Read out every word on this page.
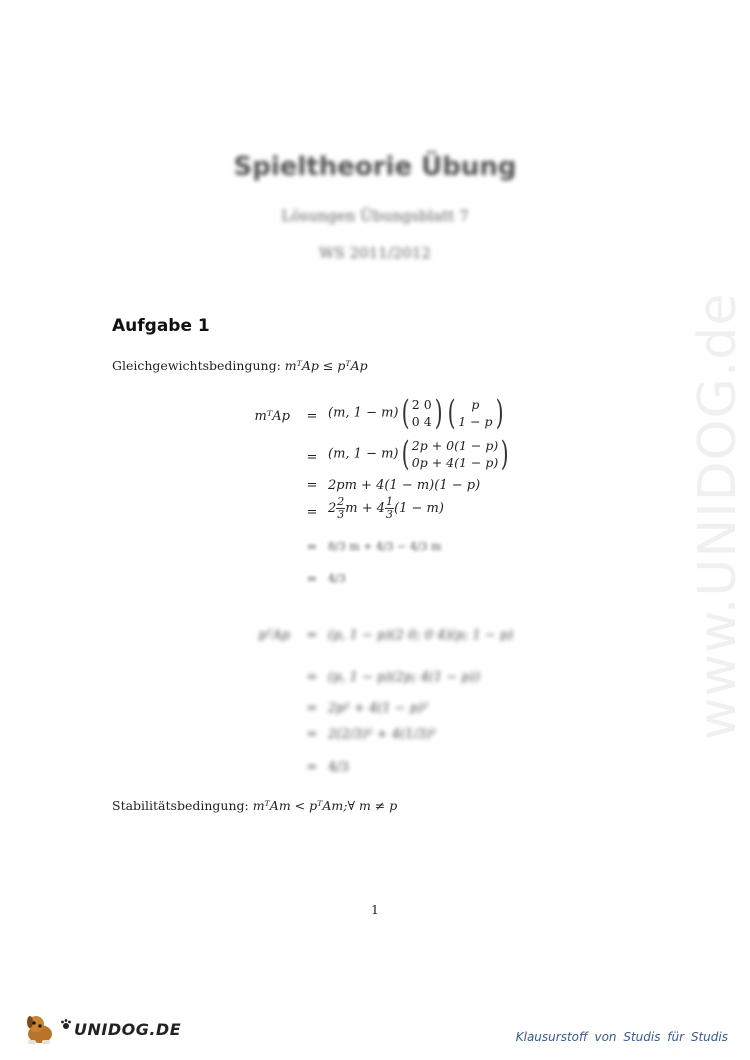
www.UNIDOG.de
Spieltheorie Übung
Lösungen Übungsblatt 7
WS 2011/2012
Aufgabe 1
Gleichgewichtsbedingung: mᵀAp ≤ pᵀAp
mᵀAp	= (m, 1 − m)( 2 0
0 4 ) (	p
1 − p )
= (m, 1 − m)( 2p + 0(1 − p)
0p + 4(1 − p) )
= 2pm + 4(1 − m)(1 − p)
= $2 \frac{2}{3}$ $m + 4 \frac{1}{3} (1 - m)$
= 8/3 m + 4/3 − 4/3 m
= 4/3
pᵀAp	= (p, 1 − p)(2 0; 0 4)(p; 1 − p)
= (p, 1 − p)(2p; 4(1 − p))
= 2p² + 4(1 − p)²
= 2(2/3)² + 4(1/3)²
= 4/3
Stabilitätsbedingung: mᵀAm < pᵀAm;∀ m ≠ p
1
UNIDOG.DE	Klausurstoff von Studis für Studis
